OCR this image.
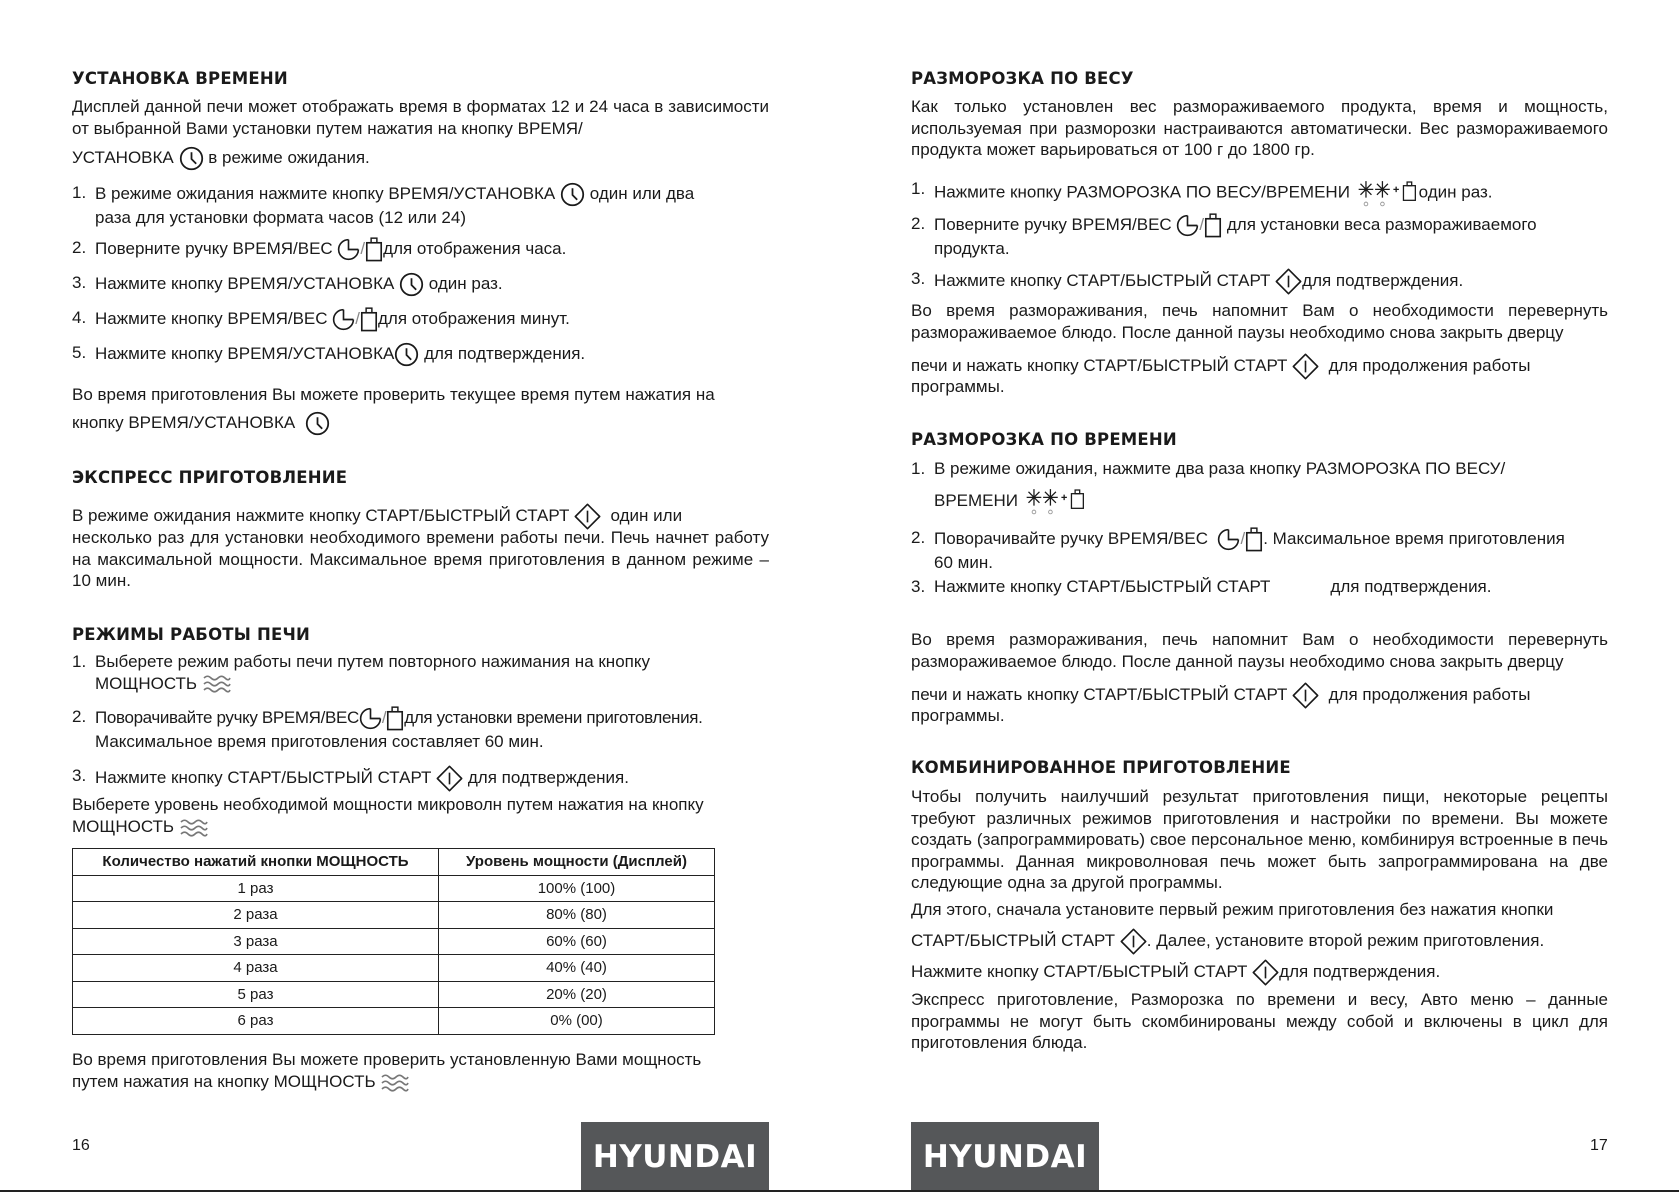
УСТАНОВКА ВРЕМЕНИ

Дисплей данной печи может отображать время в форматах 12 и 24 часа в зависимости от выбранной Вами установки путем нажатия на кнопку ВРЕМЯ/

УСТАНОВКА в режиме ожидания.

1. В режиме ожидания нажмите кнопку ВРЕМЯ/УСТАНОВКА один или два
раза для установки формата часов (12 или 24)
2. Поверните ручку ВРЕМЯ/ВЕС / для отображения часа.
3. Нажмите кнопку ВРЕМЯ/УСТАНОВКА один раз.
4. Нажмите кнопку ВРЕМЯ/ВЕС / для отображения минут.
5. Нажмите кнопку ВРЕМЯ/УСТАНОВКА для подтверждения.

Во время приготовления Вы можете проверить текущее время путем нажатия на

кнопку ВРЕМЯ/УСТАНОВКА

ЭКСПРЕСС ПРИГОТОВЛЕНИЕ

В режиме ожидания нажмите кнопку СТАРТ/БЫСТРЫЙ СТАРТ один или

несколько раз для установки необходимого времени работы печи. Печь начнет работу на максимальной мощности. Максимальное время приготовления в данном режиме – 10 мин.

РЕЖИМЫ РАБОТЫ ПЕЧИ
1. Выберете режим работы печи путем повторного нажимания на кнопку
МОЩНОСТЬ
2. Поворачивайте ручку ВРЕМЯ/ВЕС / для установки времени приготовления.
Максимальное время приготовления составляет 60 мин.
3. Нажмите кнопку СТАРТ/БЫСТРЫЙ СТАРТ для подтверждения.

Выберете уровень необходимой мощности микроволн путем нажатия на кнопку

МОЩНОСТЬ

Количество нажатий кнопки МОЩНОСТЬ	Уровень мощности (Дисплей)
1 раз	100% (100)
2 раза	80% (80)
3 раза	60% (60)
4 раза	40% (40)
5 раз	20% (20)
6 раз	0% (00)

Во время приготовления Вы можете проверить установленную Вами мощность

путем нажатия на кнопку МОЩНОСТЬ

16	HYUNDAI
РАЗМОРОЗКА ПО ВЕСУ

Как только установлен вес размораживаемого продукта, время и мощность, используемая при разморозки настраиваются автоматически. Вес размораживаемого продукта может варьироваться от 100 г до 1800 гр.

1. Нажмите кнопку РАЗМОРОЗКА ПО ВЕСУ/ВРЕМЕНИ	один раз.
2. Поверните ручку ВРЕМЯ/ВЕС / для установки веса размораживаемого
продукта.
3. Нажмите кнопку СТАРТ/БЫСТРЫЙ СТАРТ для подтверждения.

Во время размораживания, печь напомнит Вам о необходимости перевернуть размораживаемое блюдо. После данной паузы необходимо снова закрыть дверцу

печи и нажать кнопку СТАРТ/БЫСТРЫЙ СТАРТ для продолжения работы

программы.

РАЗМОРОЗКА ПО ВРЕМЕНИ
1. В режиме ожидания, нажмите два раза кнопку РАЗМОРОЗКА ПО ВЕСУ/
ВРЕМЕНИ
2. Поворачивайте ручку ВРЕМЯ/ВЕС / . Максимальное время приготовления
60 мин.
3. Нажмите кнопку СТАРТ/БЫСТРЫЙ СТАРТ	для подтверждения.

Во время размораживания, печь напомнит Вам о необходимости перевернуть размораживаемое блюдо. После данной паузы необходимо снова закрыть дверцу

печи и нажать кнопку СТАРТ/БЫСТРЫЙ СТАРТ для продолжения работы

программы.

КОМБИНИРОВАННОЕ ПРИГОТОВЛЕНИЕ

Чтобы получить наилучший результат приготовления пищи, некоторые рецепты требуют различных режимов приготовления и настройки по времени. Вы можете создать (запрограммировать) свое персональное меню, комбинируя встроенные в печь программы. Данная микроволновая печь может быть запрограммирована на две следующие одна за другой программы.

Для этого, сначала установите первый режим приготовления без нажатия кнопки

СТАРТ/БЫСТРЫЙ СТАРТ . Далее, установите второй режим приготовления.

Нажмите кнопку СТАРТ/БЫСТРЫЙ СТАРТ для подтверждения.

Экспресс приготовление, Разморозка по времени и весу, Авто меню – данные программы не могут быть скомбинированы между собой и включены в цикл для приготовления блюда.

HYUNDAI	17
